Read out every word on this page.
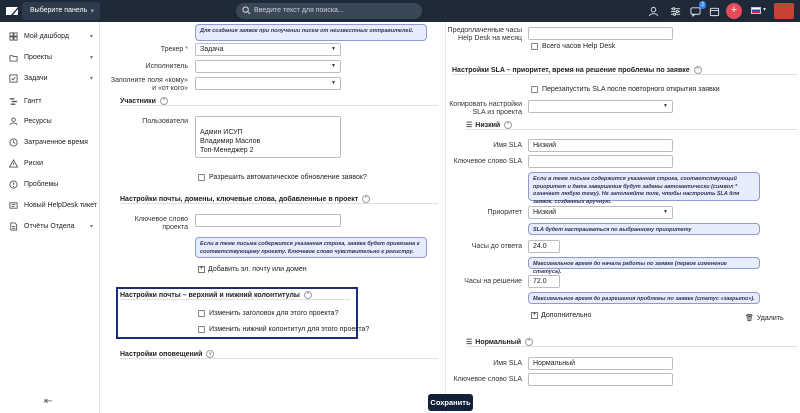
Выберите панель ▾	Введите текст для поиска...
2	+	▾
Мой дашборд	▾
Проекты	▾
Задачи	▾
Гантт
Ресурсы
Затраченное время
Риски
Проблемы
Новый HelpDesk тикет
Отчёты Отдела	▾
⇤
Для создания заявок при получении писем от неизвестных отправителей.
Трекер *	Задача	▼
Исполнитель	▼
Заполните поля «кому»
и «от кого»
▼
Участники	^
Пользователи
Админ ИСУП
Владимир Маслов
Топ-Менеджер 2
Разрешить автоматическое обновление заявок?
Настройки почты, домены, ключевые слова, добавленные в проект	^
Ключевое слово
проекта
Если в теме письма содержится указанная строка, заявка будет привязана к соответствующему проекту. Ключевое слово чувствительно к регистру.
+ Добавить эл. почту или домен
Настройки почты – верхний и нижний колонтитулы	^
Изменить заголовок для этого проекта?
Изменить нижний колонтитул для этого проекта?
Настройки оповещений	v
Предоплаченные часы
Help Desk на месяц
Всего часов Help Desk
Настройки SLA – приоритет, время на решение проблемы по заявке	^
Перезапустить SLA после повторного открытия заявки
Копировать настройки
SLA из проекта
▼
☰ Низкий	^
Имя SLA	Низкий
Ключевое слово SLA
Если в теме письма содержится указанная строка, соответствующий приоритет и дата завершения будут заданы автоматически (символ * означает любую тему). Не заполняйте поле, чтобы настроить SLA для заявок, созданных вручную.
Приоритет	Низкий	▼
SLA будет настраиваться по выбранному приоритету
Часы до ответа	24.0
Максимальное время до начала работы по заявке (первое изменение статуса).
Часы на решение	72.0
Максимальное время до разрешения проблемы по заявке (статус «закрыто»).
+ Дополнительно	🗑 Удалить
☰ Нормальный	^
Имя SLA	Нормальный
Ключевое слово SLA
Сохранить
